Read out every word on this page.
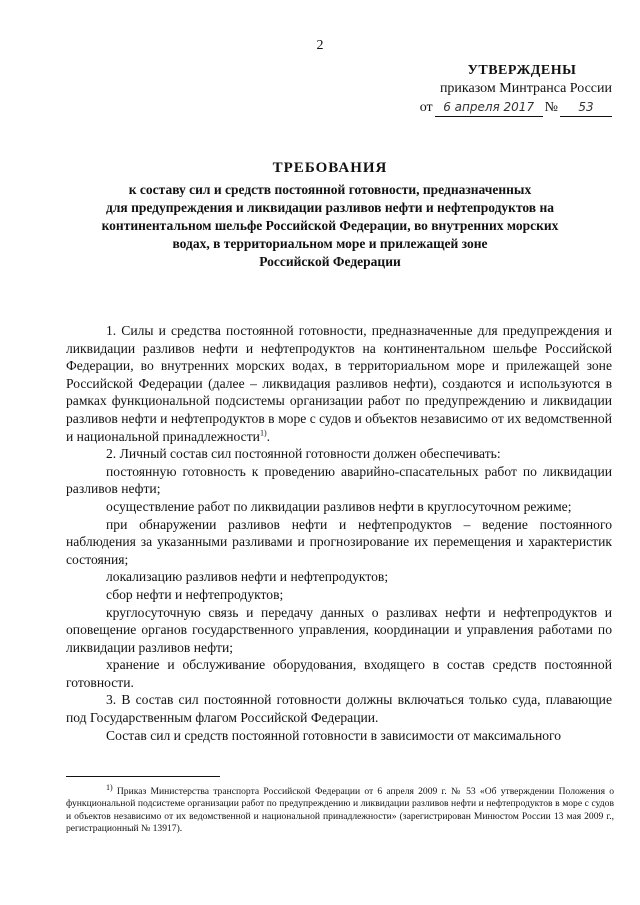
2
УТВЕРЖДЕНЫ
приказом Минтранса России
от 6 апреля 2017 №	53
ТРЕБОВАНИЯ
к составу сил и средств постоянной готовности, предназначенных
для предупреждения и ликвидации разливов нефти и нефтепродуктов на
континентальном шельфе Российской Федерации, во внутренних морских
водах, в территориальном море и прилежащей зоне
Российской Федерации

1. Силы и средства постоянной готовности, предназначенные для предупреждения и ликвидации разливов нефти и нефтепродуктов на континентальном шельфе Российской Федерации, во внутренних морских водах, в территориальном море и прилежащей зоне Российской Федерации (далее – ликвидация разливов нефти), создаются и используются в рамках функциональной подсистемы организации работ по предупреждению и ликвидации разливов нефти и нефтепродуктов в море с судов и объектов независимо от их ведомственной и национальной принадлежности$^{1)}$.

2. Личный состав сил постоянной готовности должен обеспечивать:

постоянную готовность к проведению аварийно-спасательных работ по ликвидации разливов нефти;

осуществление работ по ликвидации разливов нефти в круглосуточном режиме;

при обнаружении разливов нефти и нефтепродуктов – ведение постоянного наблюдения за указанными разливами и прогнозирование их перемещения и характеристик состояния;

локализацию разливов нефти и нефтепродуктов;

сбор нефти и нефтепродуктов;

круглосуточную связь и передачу данных о разливах нефти и нефтепродуктов и оповещение органов государственного управления, координации и управления работами по ликвидации разливов нефти;

хранение и обслуживание оборудования, входящего в состав средств постоянной готовности.

3. В состав сил постоянной готовности должны включаться только суда, плавающие под Государственным флагом Российской Федерации.

Состав сил и средств постоянной готовности в зависимости от максимального

$^{1)}$ Приказ Министерства транспорта Российской Федерации от 6 апреля 2009 г. № 53 «Об утверждении Положения о функциональной подсистеме организации работ по предупреждению и ликвидации разливов нефти и нефтепродуктов в море с судов и объектов независимо от их ведомственной и национальной принадлежности» (зарегистрирован Минюстом России 13 мая 2009 г., регистрационный № 13917).
